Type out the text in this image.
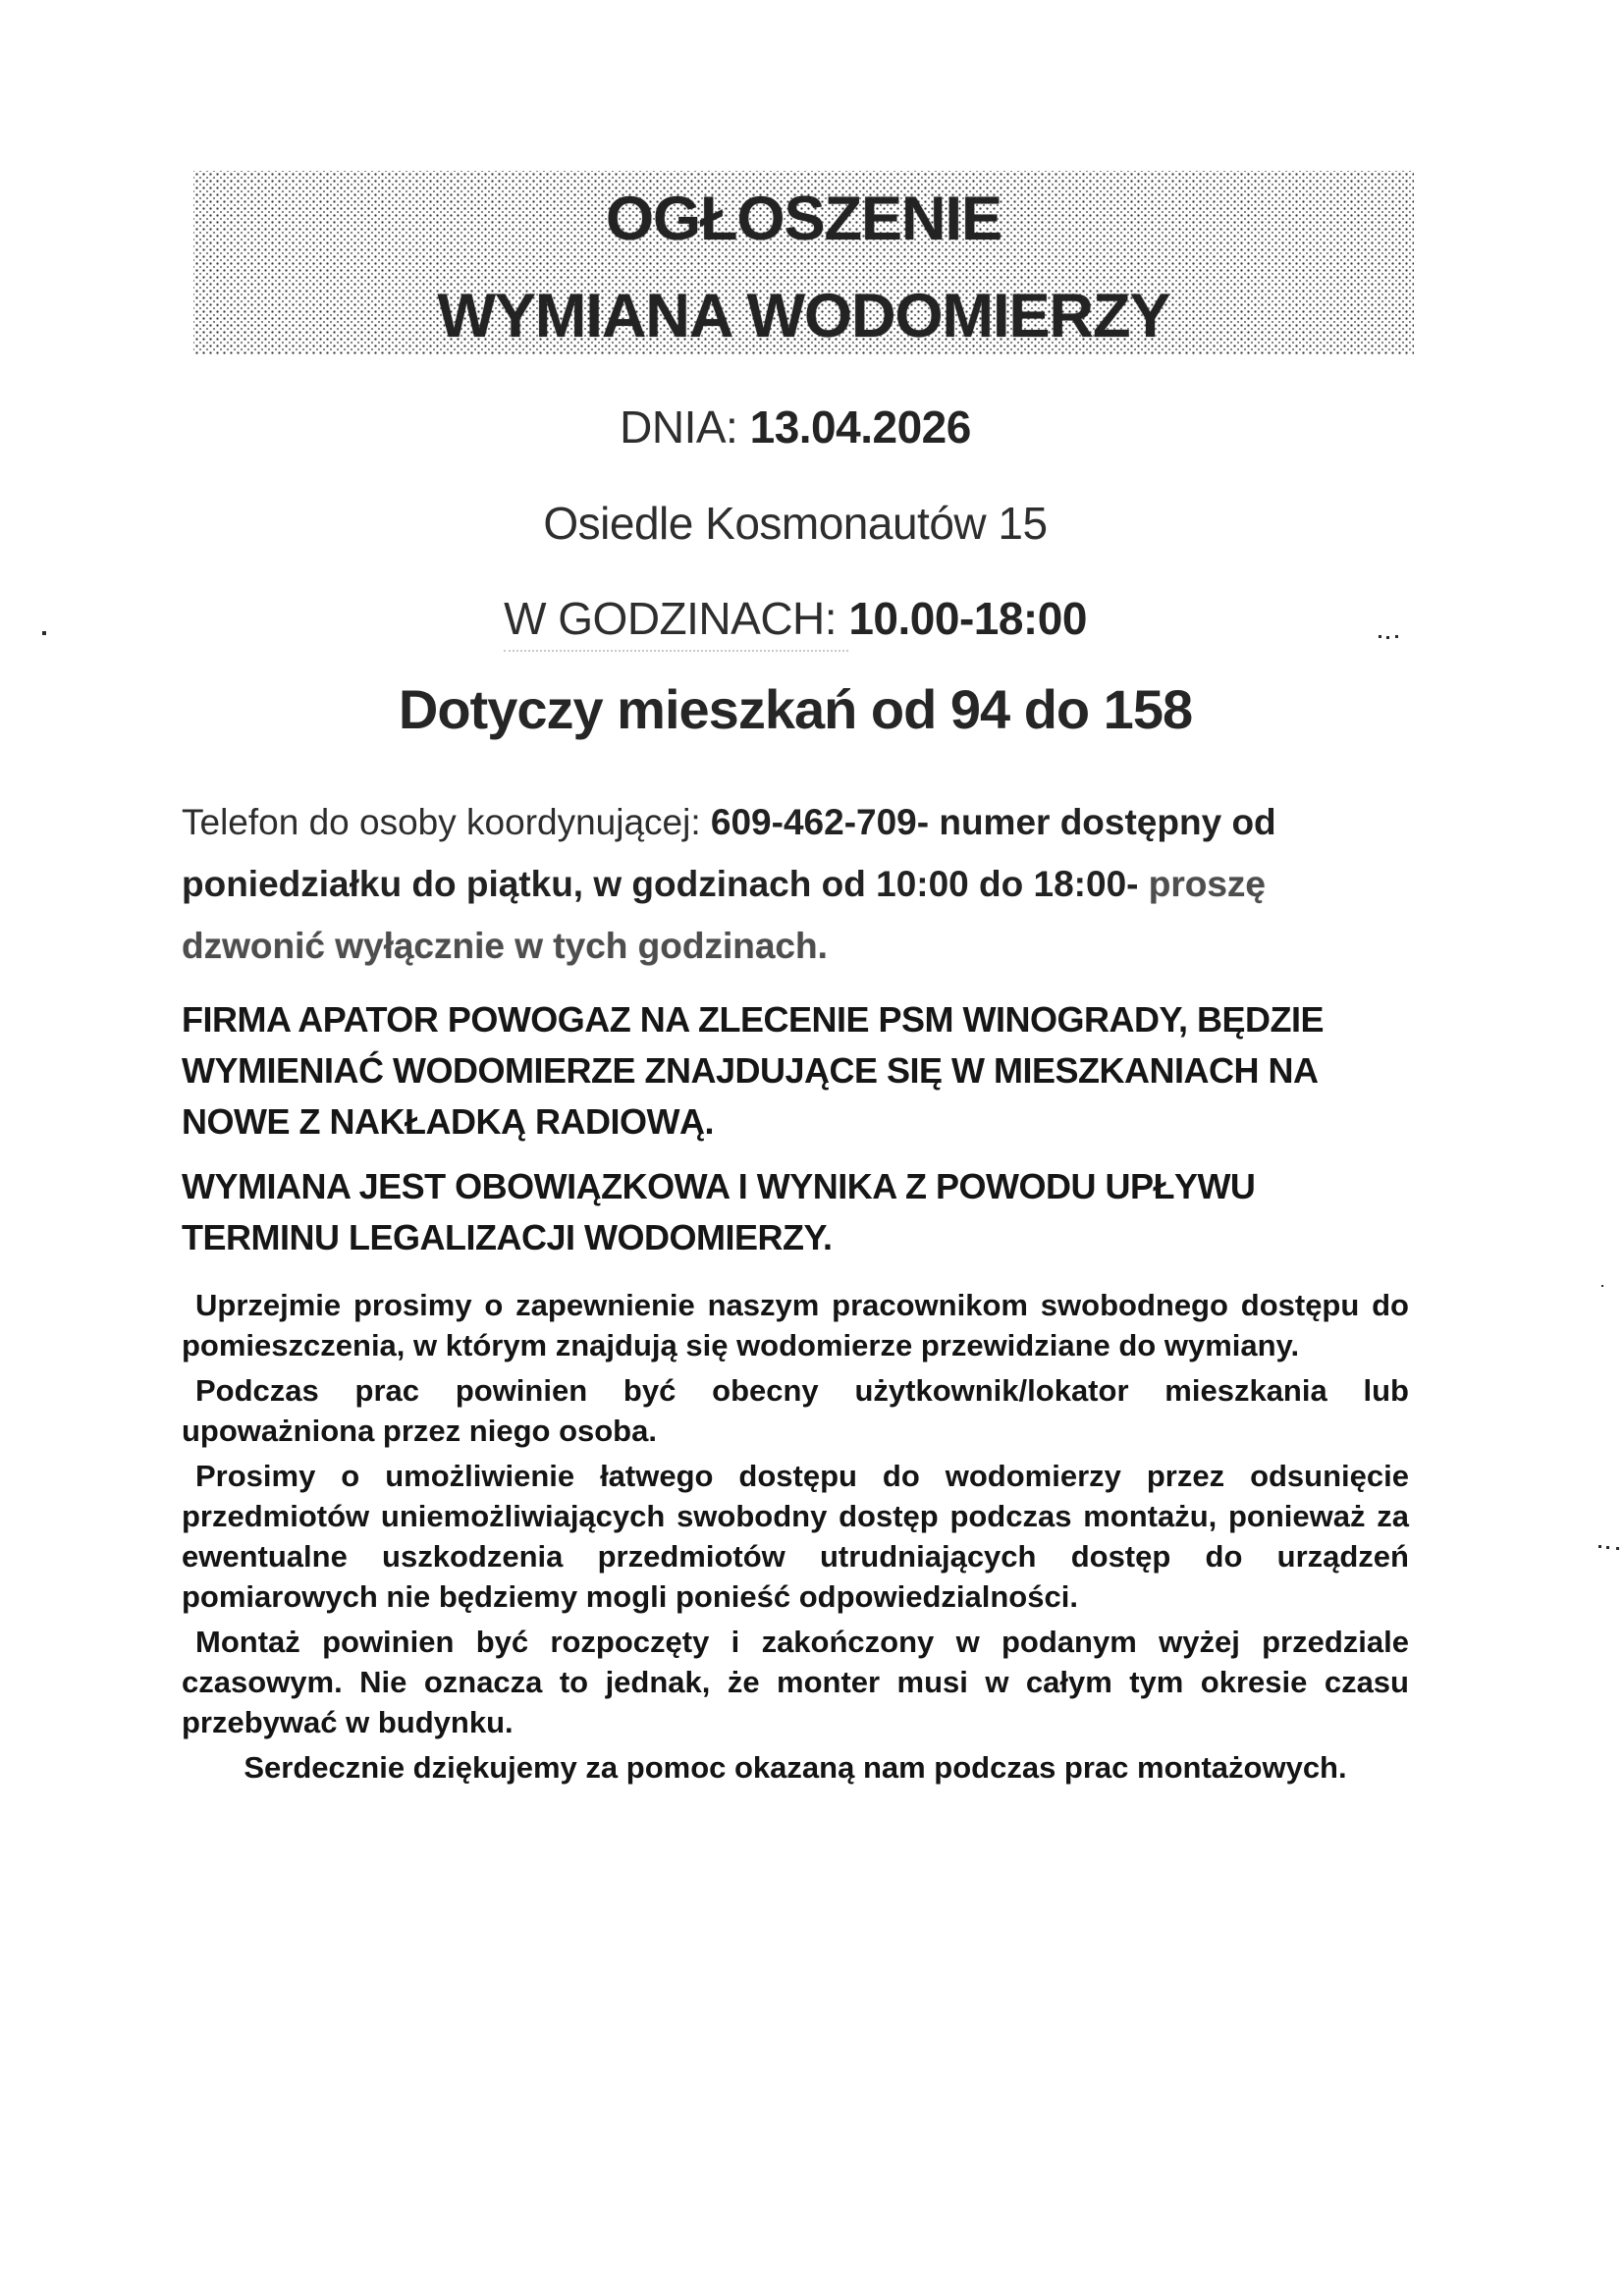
OGŁOSZENIE
WYMIANA WODOMIERZY
DNIA: 13.04.2026
Osiedle Kosmonautów 15
W GODZINACH: 10.00-18:00
Dotyczy mieszkań od 94 do 158
Telefon do osoby koordynującej: 609-462-709- numer dostępny od poniedziałku do piątku, w godzinach od 10:00 do 18:00- proszę dzwonić wyłącznie w tych godzinach.
FIRMA APATOR POWOGAZ NA ZLECENIE PSM WINOGRADY, BĘDZIE WYMIENIAĆ WODOMIERZE ZNAJDUJĄCE SIĘ W MIESZKANIACH NA NOWE Z NAKŁADKĄ RADIOWĄ.
WYMIANA JEST OBOWIĄZKOWA I WYNIKA Z POWODU UPŁYWU TERMINU LEGALIZACJI WODOMIERZY.

Uprzejmie prosimy o zapewnienie naszym pracownikom swobodnego dostępu do pomieszczenia, w którym znajdują się wodomierze przewidziane do wymiany.

Podczas prac powinien być obecny użytkownik/lokator mieszkania lub upoważniona przez niego osoba.

Prosimy o umożliwienie łatwego dostępu do wodomierzy przez odsunięcie przedmiotów uniemożliwiających swobodny dostęp podczas montażu, ponieważ za ewentualne uszkodzenia przedmiotów utrudniających dostęp do urządzeń pomiarowych nie będziemy mogli ponieść odpowiedzialności.

Montaż powinien być rozpoczęty i zakończony w podanym wyżej przedziale czasowym. Nie oznacza to jednak, że monter musi w całym tym okresie czasu przebywać w budynku.

Serdecznie dziękujemy za pomoc okazaną nam podczas prac montażowych.
